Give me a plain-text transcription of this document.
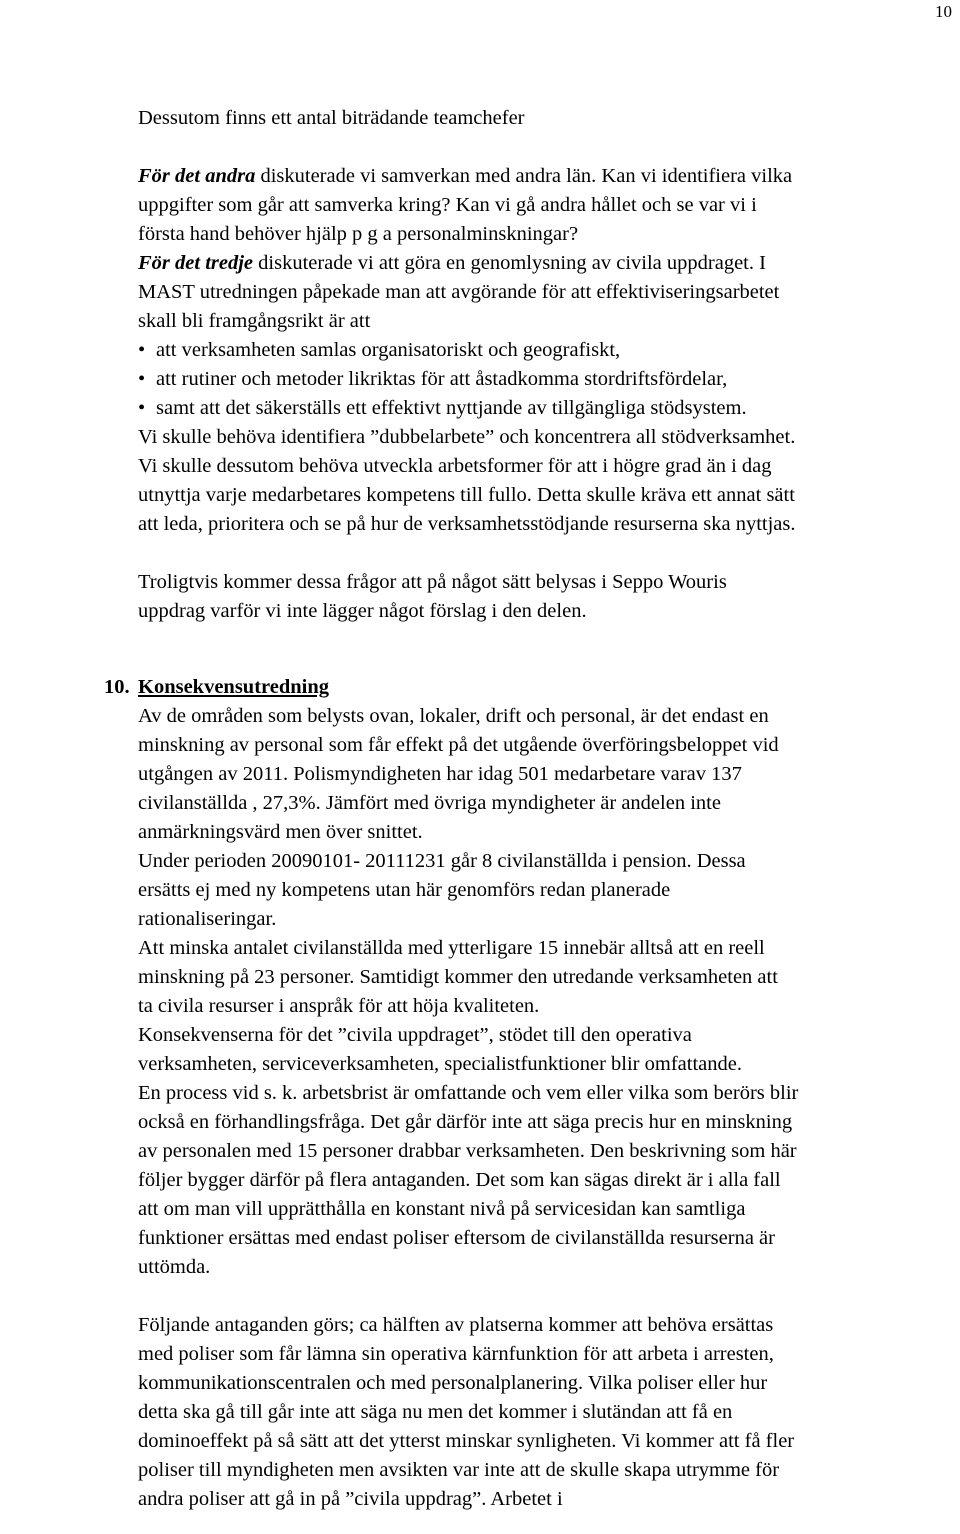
10
Dessutom finns ett antal biträdande teamchefer
För det andra diskuterade vi samverkan med andra län. Kan vi identifiera vilka
uppgifter som går att samverka kring? Kan vi gå andra hållet och se var vi i
första hand behöver hjälp p g a personalminskningar?
För det tredje diskuterade vi att göra en genomlysning av civila uppdraget. I
MAST utredningen påpekade man att avgörande för att effektiviseringsarbetet
skall bli framgångsrikt är att
• att verksamheten samlas organisatoriskt och geografiskt,
• att rutiner och metoder likriktas för att åstadkomma stordriftsfördelar,
• samt att det säkerställs ett effektivt nyttjande av tillgängliga stödsystem.
Vi skulle behöva identifiera ”dubbelarbete” och koncentrera all stödverksamhet.
Vi skulle dessutom behöva utveckla arbetsformer för att i högre grad än i dag
utnyttja varje medarbetares kompetens till fullo. Detta skulle kräva ett annat sätt
att leda, prioritera och se på hur de verksamhetsstödjande resurserna ska nyttjas.
Troligtvis kommer dessa frågor att på något sätt belysas i Seppo Wouris
uppdrag varför vi inte lägger något förslag i den delen.
10. Konsekvensutredning
Av de områden som belysts ovan, lokaler, drift och personal, är det endast en
minskning av personal som får effekt på det utgående överföringsbeloppet vid
utgången av 2011. Polismyndigheten har idag 501 medarbetare varav 137
civilanställda , 27,3%. Jämfört med övriga myndigheter är andelen inte
anmärkningsvärd men över snittet.
Under perioden 20090101- 20111231 går 8 civilanställda i pension. Dessa
ersätts ej med ny kompetens utan här genomförs redan planerade
rationaliseringar.
Att minska antalet civilanställda med ytterligare 15 innebär alltså att en reell
minskning på 23 personer. Samtidigt kommer den utredande verksamheten att
ta civila resurser i anspråk för att höja kvaliteten.
Konsekvenserna för det ”civila uppdraget”, stödet till den operativa
verksamheten, serviceverksamheten, specialistfunktioner blir omfattande.
En process vid s. k. arbetsbrist är omfattande och vem eller vilka som berörs blir
också en förhandlingsfråga. Det går därför inte att säga precis hur en minskning
av personalen med 15 personer drabbar verksamheten. Den beskrivning som här
följer bygger därför på flera antaganden. Det som kan sägas direkt är i alla fall
att om man vill upprätthålla en konstant nivå på servicesidan kan samtliga
funktioner ersättas med endast poliser eftersom de civilanställda resurserna är
uttömda.
Följande antaganden görs; ca hälften av platserna kommer att behöva ersättas
med poliser som får lämna sin operativa kärnfunktion för att arbeta i arresten,
kommunikationscentralen och med personalplanering. Vilka poliser eller hur
detta ska gå till går inte att säga nu men det kommer i slutändan att få en
dominoeffekt på så sätt att det ytterst minskar synligheten. Vi kommer att få fler
poliser till myndigheten men avsikten var inte att de skulle skapa utrymme för
andra poliser att gå in på ”civila uppdrag”. Arbetet i
